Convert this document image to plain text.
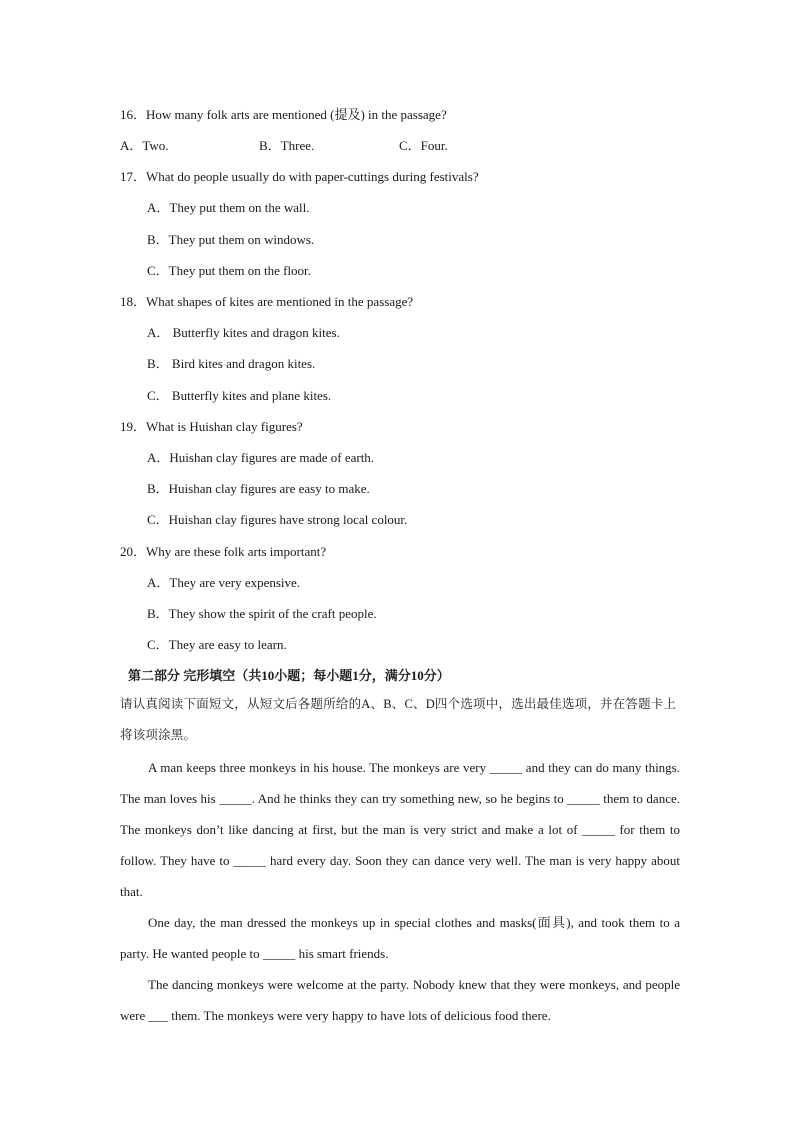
16．How many folk arts are mentioned (提及) in the passage?
A．Two.	B．Three.	C．Four.
17．What do people usually do with paper-cuttings during festivals?
A．They put them on the wall.
B．They put them on windows.
C．They put them on the floor.
18．What shapes of kites are mentioned in the passage?
A． Butterfly kites and dragon kites.
B． Bird kites and dragon kites.
C． Butterfly kites and plane kites.
19．What is Huishan clay figures?
A．Huishan clay figures are made of earth.
B．Huishan clay figures are easy to make.
C．Huishan clay figures have strong local colour.
20．Why are these folk arts important?
A．They are very expensive.
B．They show the spirit of the craft people.
C．They are easy to learn.
第二部分 完形填空（共10小题；每小题1分，满分10分）
请认真阅读下面短文，从短文后各题所给的A、B、C、D四个选项中，选出最佳选项，并在答题卡上将该项涂黑。

A man keeps three monkeys in his house. The monkeys are very _____ and they can do many things. The man loves his _____. And he thinks they can try something new, so he begins to _____ them to dance. The monkeys don’t like dancing at first, but the man is very strict and make a lot of _____ for them to follow. They have to _____ hard every day. Soon they can dance very well. The man is very happy about that.

One day, the man dressed the monkeys up in special clothes and masks(面具), and took them to a party. He wanted people to _____ his smart friends.

The dancing monkeys were welcome at the party. Nobody knew that they were monkeys, and people were ___ them. The monkeys were very happy to have lots of delicious food there.
